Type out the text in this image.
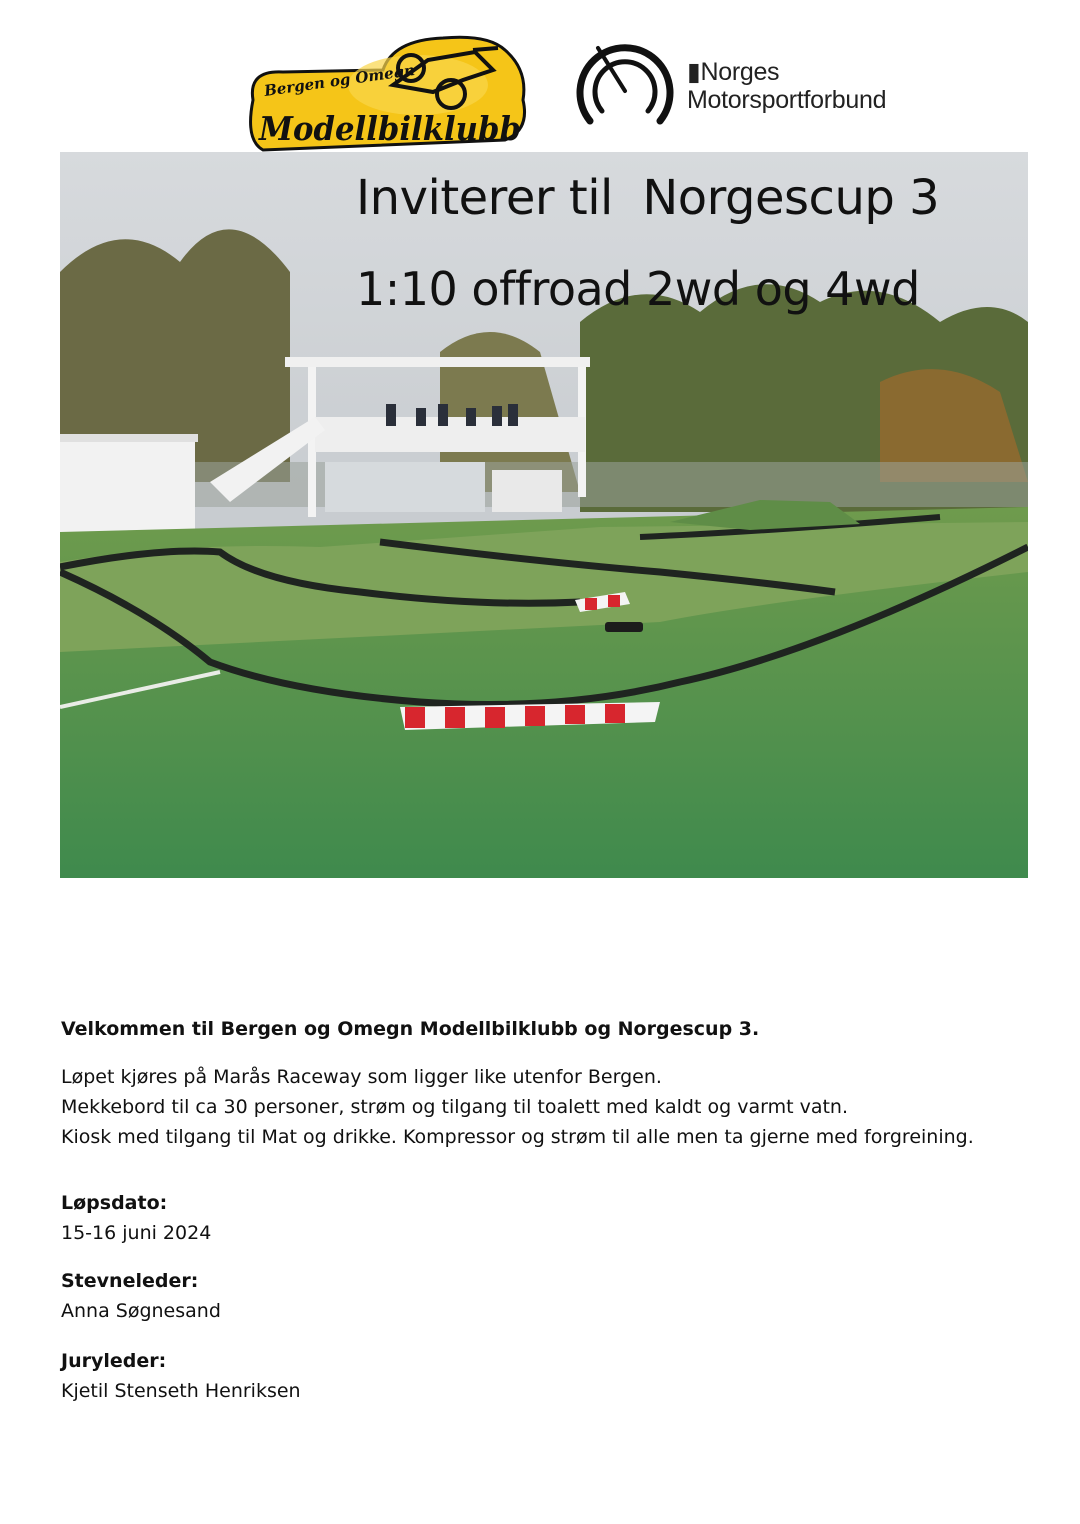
Bergen og Omegn
Modellbilklubb
▮Norges
Motorsportforbund
Inviterer til  Norgescup 3
1:10 offroad 2wd og 4wd

Velkommen til Bergen og Omegn Modellbilklubb og Norgescup 3.

Løpet kjøres på Marås Raceway som ligger like utenfor Bergen.

Mekkebord til ca 30 personer, strøm og tilgang til toalett med kaldt og varmt vatn.

Kiosk med tilgang til Mat og drikke. Kompressor og strøm til alle men ta gjerne med forgreining.

Løpsdato:
15-16 juni 2024
Stevneleder:
Anna Søgnesand
Juryleder:
Kjetil Stenseth Henriksen
